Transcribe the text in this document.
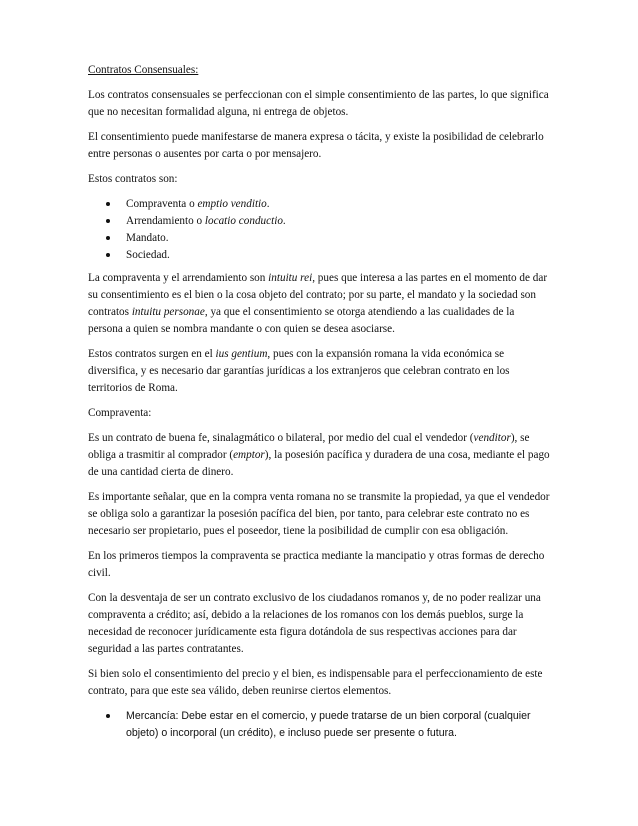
Contratos Consensuales:

Los contratos consensuales se perfeccionan con el simple consentimiento de las partes, lo que significa que no necesitan formalidad alguna, ni entrega de objetos.

El consentimiento puede manifestarse de manera expresa o tácita, y existe la posibilidad de celebrarlo entre personas o ausentes por carta o por mensajero.

Estos contratos son:

Compraventa o emptio venditio.
Arrendamiento o locatio conductio.
Mandato.
Sociedad.

La compraventa y el arrendamiento son intuitu rei, pues que interesa a las partes en el momento de dar su consentimiento es el bien o la cosa objeto del contrato; por su parte, el mandato y la sociedad son contratos intuitu personae, ya que el consentimiento se otorga atendiendo a las cualidades de la persona a quien se nombra mandante o con quien se desea asociarse.

Estos contratos surgen en el ius gentium, pues con la expansión romana la vida económica se diversifica, y es necesario dar garantías jurídicas a los extranjeros que celebran contrato en los territorios de Roma.

Compraventa:

Es un contrato de buena fe, sinalagmático o bilateral, por medio del cual el vendedor (venditor), se obliga a trasmitir al comprador (emptor), la posesión pacífica y duradera de una cosa, mediante el pago de una cantidad cierta de dinero.

Es importante señalar, que en la compra venta romana no se transmite la propiedad, ya que el vendedor se obliga solo a garantizar la posesión pacífica del bien, por tanto, para celebrar este contrato no es necesario ser propietario, pues el poseedor, tiene la posibilidad de cumplir con esa obligación.

En los primeros tiempos la compraventa se practica mediante la mancipatio y otras formas de derecho civil.

Con la desventaja de ser un contrato exclusivo de los ciudadanos romanos y, de no poder realizar una compraventa a crédito; así, debido a la relaciones de los romanos con los demás pueblos, surge la necesidad de reconocer jurídicamente esta figura dotándola de sus respectivas acciones para dar seguridad a las partes contratantes.

Si bien solo el consentimiento del precio y el bien, es indispensable para el perfeccionamiento de este contrato, para que este sea válido, deben reunirse ciertos elementos.

Mercancía: Debe estar en el comercio, y puede tratarse de un bien corporal (cualquier objeto) o incorporal (un crédito), e incluso puede ser presente o futura.
